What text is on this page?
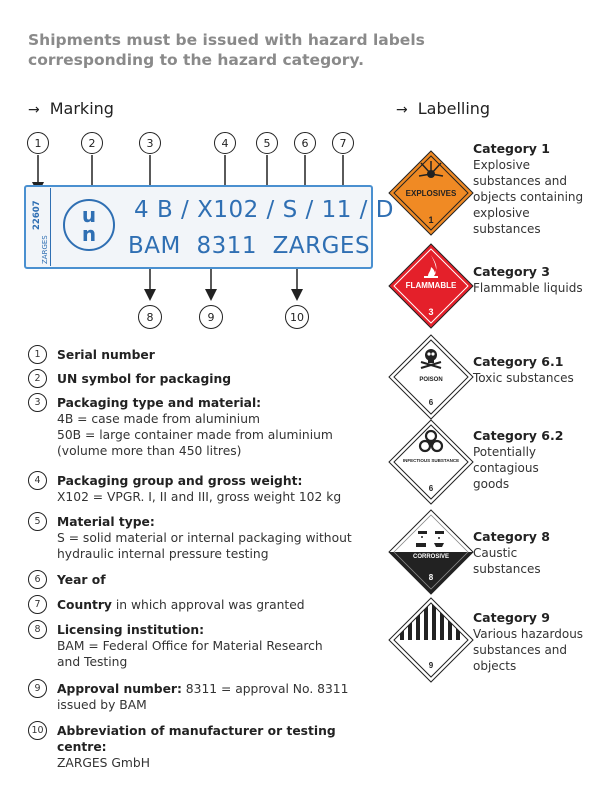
Shipments must be issued with hazard labels corresponding to the hazard category.
→ Marking	→ Labelling
1	2	3	4	5	6	7
22607
ZARGES
u
n
4 B / X102 / S / 11 / D
BAM  8311  ZARGES
8	9	10
1	Serial number
2	UN symbol for packaging
3	Packaging type and material:
4B = case made from aluminium
50B = large container made from aluminium
(volume more than 450 litres)
4	Packaging group and gross weight:
X102 = VPGR. I, II and III, gross weight 102 kg
5	Material type:
S = solid material or internal packaging without
hydraulic internal pressure testing
6	Year of
7	Country in which approval was granted
8	Licensing institution:
BAM = Federal Office for Material Research
and Testing
9	Approval number: 8311 = approval No. 8311
issued by BAM
10 Abbreviation of manufacturer or testing centre:
ZARGES GmbH
EXPLOSIVES
1
FLAMMABLE
3
POISON
6
INFECTIOUS SUBSTANCE
6
CORROSIVE
8
9
Category 1
Explosive
substances and
objects containing
explosive
substances
Category 3
Flammable liquids
Category 6.1
Toxic substances
Category 6.2
Potentially
contagious
goods
Category 8
Caustic
substances
Category 9
Various hazardous
substances and
objects
